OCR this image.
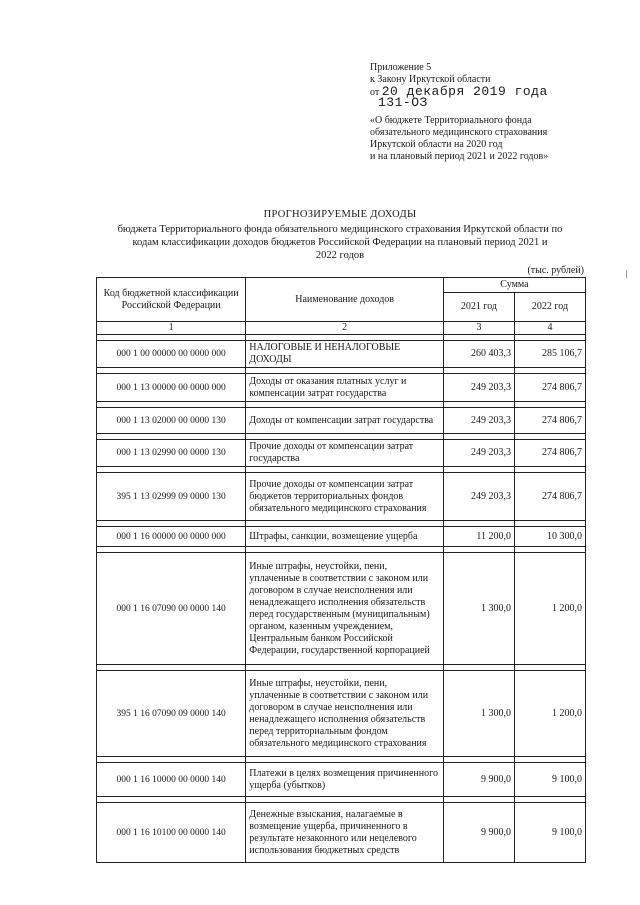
Приложение 5
к Закону Иркутской области
от 20 декабря 2019 года
131-ОЗ
«О бюджете Территориального фонда
обязательного медицинского страхования
Иркутской области на 2020 год
и на плановый период 2021 и 2022 годов»
ПРОГНОЗИРУЕМЫЕ ДОХОДЫ
бюджета Территориального фонда обязательного медицинского страхования Иркутской области по
кодам классификации доходов бюджетов Российской Федерации на плановый период 2021 и
2022 годов
(тыс. рублей)
Код бюджетной классификации Российской Федерации	Наименование доходов	Сумма	
		2021 год	2022 год
1	2	3	4

000 1 00 00000 00 0000 000	НАЛОГОВЫЕ И НЕНАЛОГОВЫЕ ДОХОДЫ	260 403,3	285 106,7

000 1 13 00000 00 0000 000	Доходы от оказания платных услуг и компенсации затрат государства	249 203,3	274 806,7

000 1 13 02000 00 0000 130	Доходы от компенсации затрат государства	249 203,3	274 806,7

000 1 13 02990 00 0000 130	Прочие доходы от компенсации затрат государства	249 203,3	274 806,7

395 1 13 02999 09 0000 130	Прочие доходы от компенсации затрат бюджетов территориальных фондов обязательного медицинского страхования	249 203,3	274 806,7

000 1 16 00000 00 0000 000	Штрафы, санкции, возмещение ущерба	11 200,0	10 300,0

000 1 16 07090 00 0000 140	Иные штрафы, неустойки, пени, уплаченные в соответствии с законом или договором в случае неисполнения или ненадлежащего исполнения обязательств перед государственным (муниципальным) органом, казенным учреждением, Центральным банком Российской Федерации, государственной корпорацией	1 300,0	1 200,0

395 1 16 07090 09 0000 140	Иные штрафы, неустойки, пени, уплаченные в соответствии с законом или договором в случае неисполнения или ненадлежащего исполнения обязательств перед территориальным фондом обязательного медицинского страхования	1 300,0	1 200,0

000 1 16 10000 00 0000 140	Платежи в целях возмещения причиненного ущерба (убытков)	9 900,0	9 100,0

000 1 16 10100 00 0000 140	Денежные взыскания, налагаемые в возмещение ущерба, причиненного в результате незаконного или нецелевого использования бюджетных средств	9 900,0	9 100,0
